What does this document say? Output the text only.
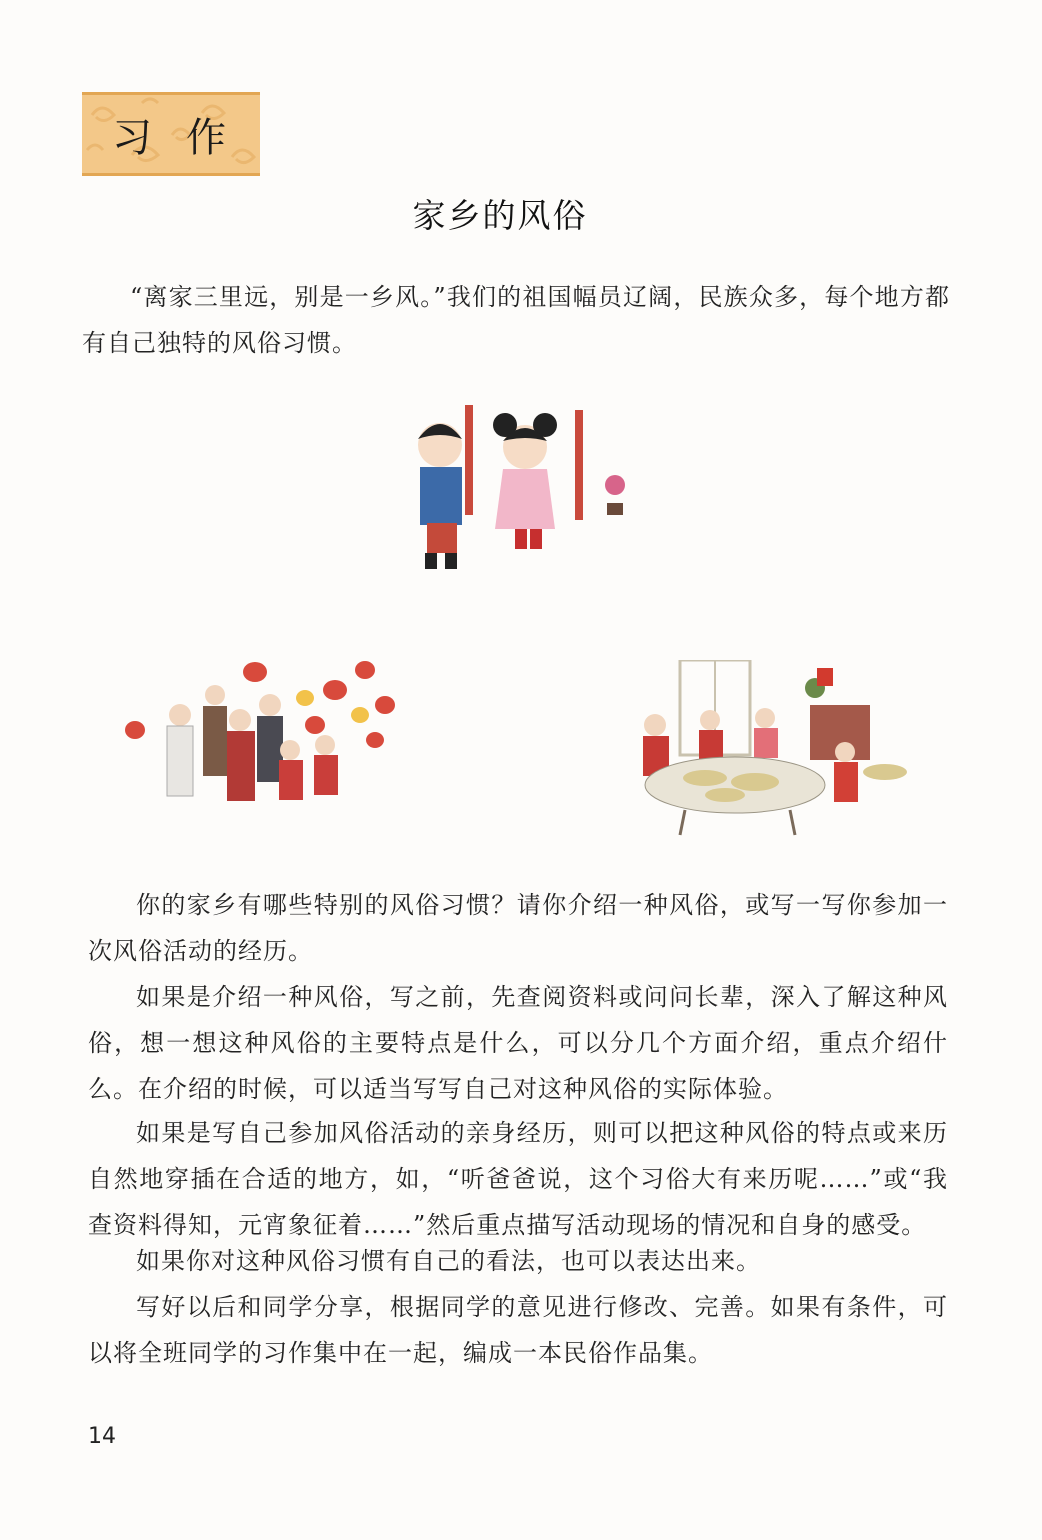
习作
家乡的风俗
“离家三里远，别是一乡风。”我们的祖国幅员辽阔，民族众多，每个地方都有自己独特的风俗习惯。
你的家乡有哪些特别的风俗习惯？请你介绍一种风俗，或写一写你参加一次风俗活动的经历。
如果是介绍一种风俗，写之前，先查阅资料或问问长辈，深入了解这种风俗，想一想这种风俗的主要特点是什么，可以分几个方面介绍，重点介绍什么。在介绍的时候，可以适当写写自己对这种风俗的实际体验。
如果是写自己参加风俗活动的亲身经历，则可以把这种风俗的特点或来历自然地穿插在合适的地方，如，“听爸爸说，这个习俗大有来历呢……”或“我查资料得知，元宵象征着……”然后重点描写活动现场的情况和自身的感受。
如果你对这种风俗习惯有自己的看法，也可以表达出来。
写好以后和同学分享，根据同学的意见进行修改、完善。如果有条件，可以将全班同学的习作集中在一起，编成一本民俗作品集。
14
